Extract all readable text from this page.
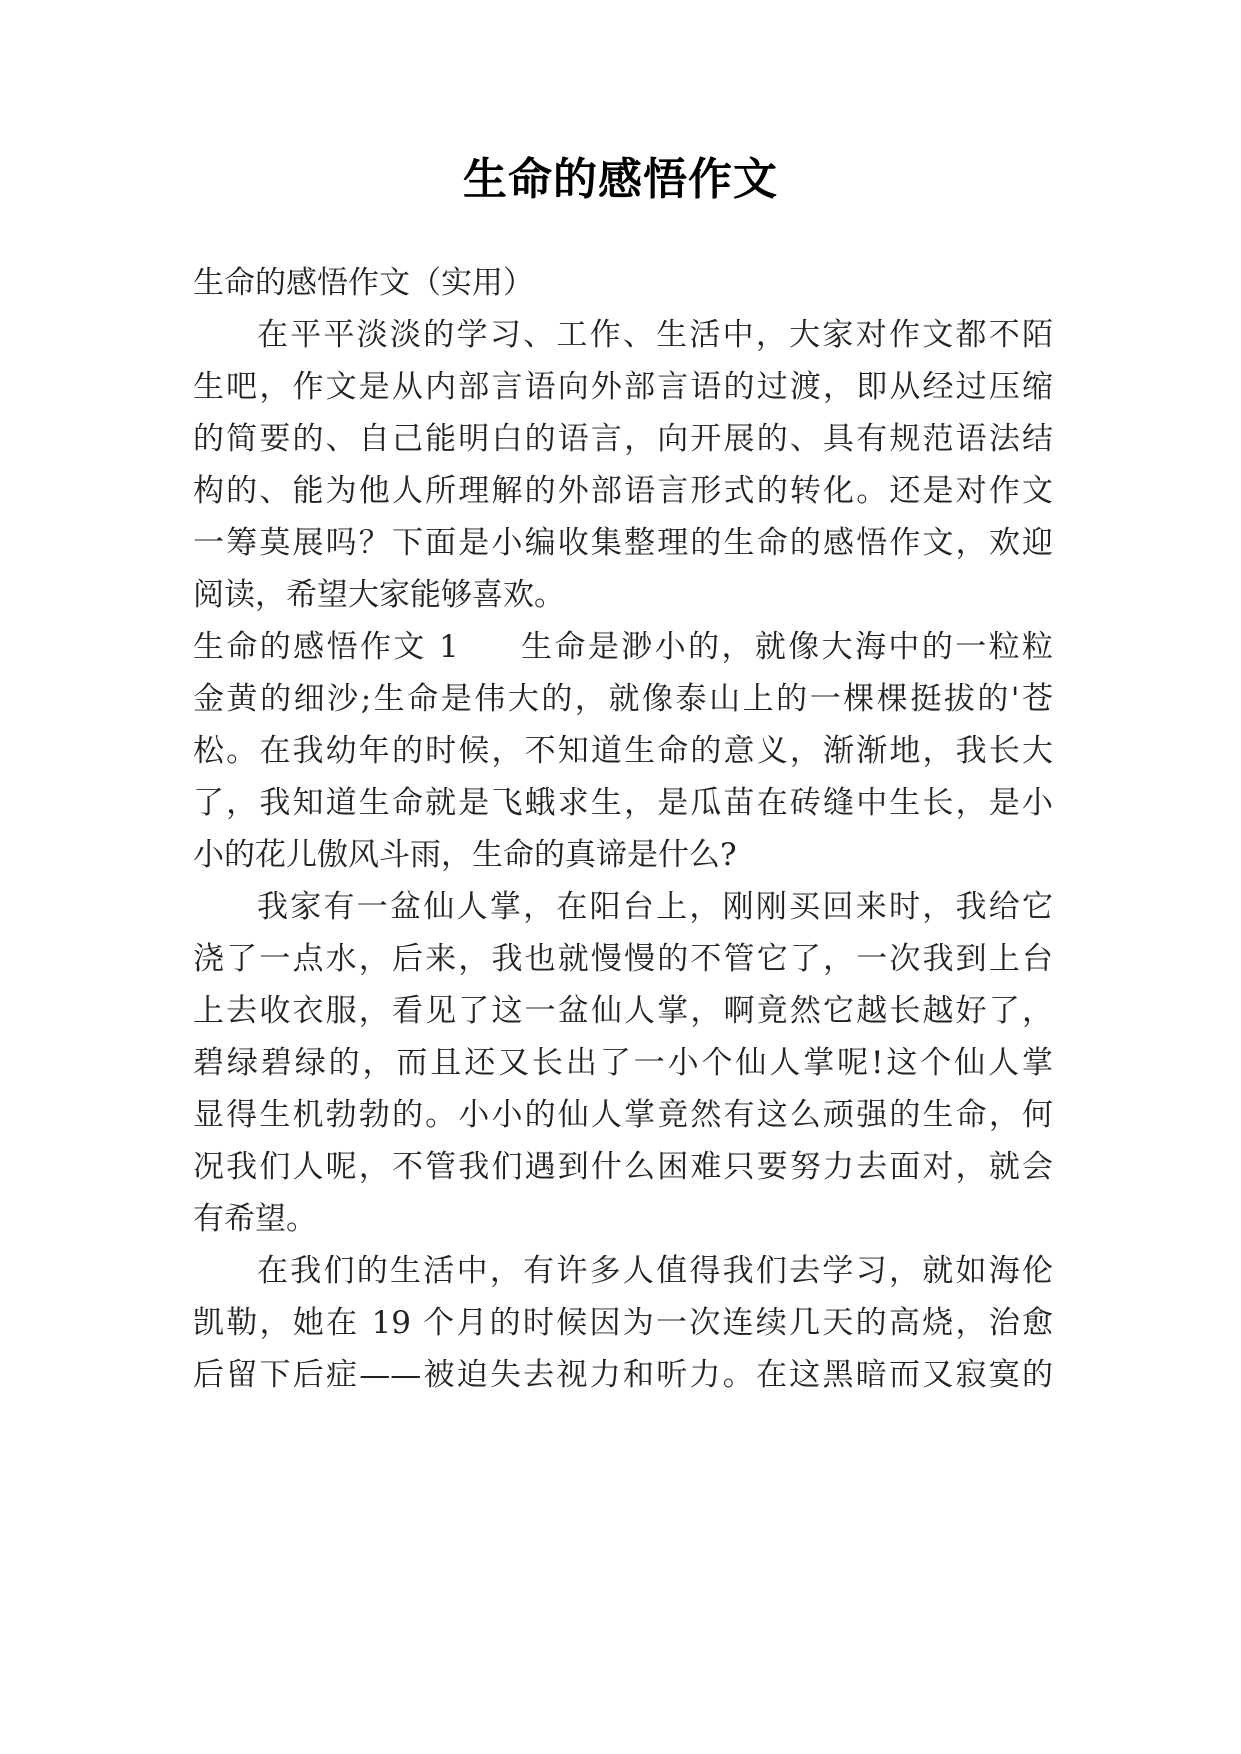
生命的感悟作文
生命的感悟作文（实用）
在平平淡淡的学习、工作、生活中，大家对作文都不陌
生吧，作文是从内部言语向外部言语的过渡，即从经过压缩
的简要的、自己能明白的语言，向开展的、具有规范语法结
构的、能为他人所理解的外部语言形式的转化。还是对作文
一筹莫展吗？下面是小编收集整理的生命的感悟作文，欢迎
阅读，希望大家能够喜欢。
生命的感悟作文 1 生命是渺小的，就像大海中的一粒粒
金黄的细沙;生命是伟大的，就像泰山上的一棵棵挺拔的'苍
松。在我幼年的时候，不知道生命的意义，渐渐地，我长大
了，我知道生命就是飞蛾求生，是瓜苗在砖缝中生长，是小
小的花儿傲风斗雨，生命的真谛是什么?
我家有一盆仙人掌，在阳台上，刚刚买回来时，我给它
浇了一点水，后来，我也就慢慢的不管它了，一次我到上台
上去收衣服，看见了这一盆仙人掌，啊竟然它越长越好了，
碧绿碧绿的，而且还又长出了一小个仙人掌呢!这个仙人掌
显得生机勃勃的。小小的仙人掌竟然有这么顽强的生命，何
况我们人呢，不管我们遇到什么困难只要努力去面对，就会
有希望。
在我们的生活中，有许多人值得我们去学习，就如海伦
凯勒，她在 19 个月的时候因为一次连续几天的高烧，治愈
后留下后症——被迫失去视力和听力。在这黑暗而又寂寞的
